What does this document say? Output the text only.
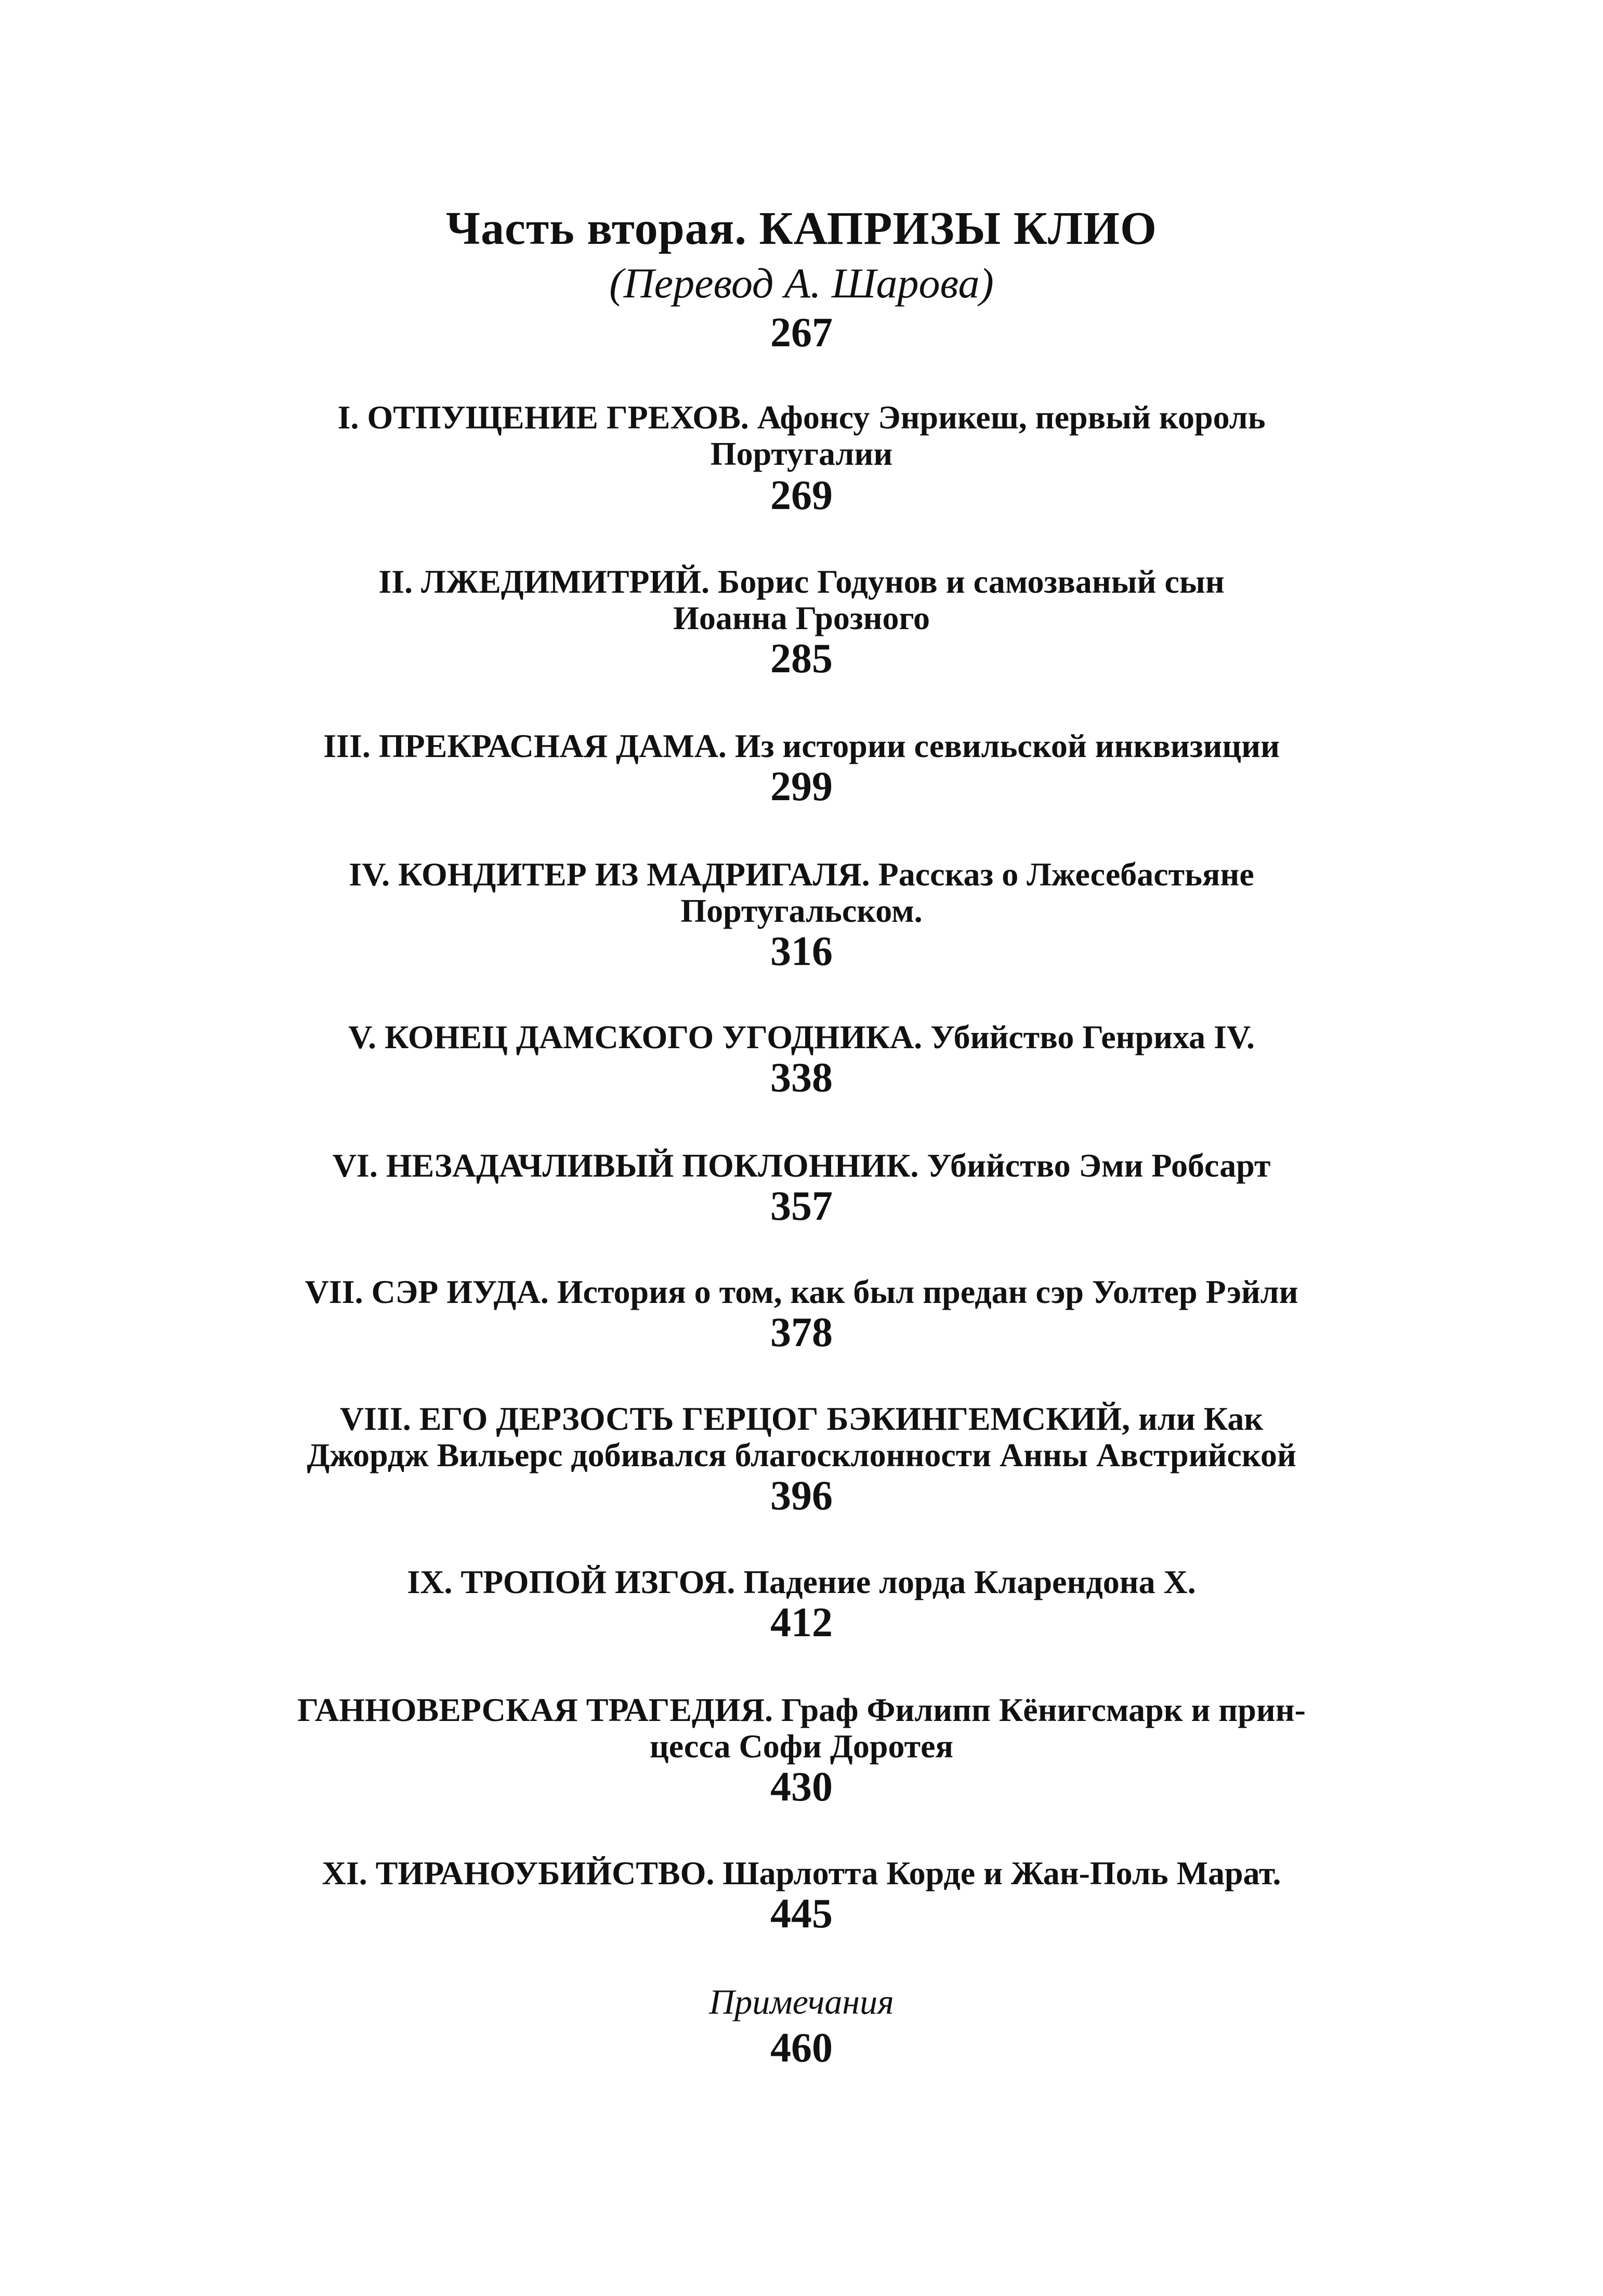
Часть вторая. КАПРИЗЫ КЛИО
(Перевод А. Шарова)
267
I. ОТПУЩЕНИЕ ГРЕХОВ. Афонсу Энрикеш, первый король
Португалии
269
II. ЛЖЕДИМИТРИЙ. Борис Годунов и самозваный сын
Иоанна Грозного
285
III. ПРЕКРАСНАЯ ДАМА. Из истории севильской инквизиции
299
IV. КОНДИТЕР ИЗ МАДРИГАЛЯ. Рассказ о Лжесебастьяне
Португальском.
316
V. КОНЕЦ ДАМСКОГО УГОДНИКА. Убийство Генриха IV.
338
VI. НЕЗАДАЧЛИВЫЙ ПОКЛОННИК. Убийство Эми Робсарт
357
VII. СЭР ИУДА. История о том, как был предан сэр Уолтер Рэйли
378
VIII. ЕГО ДЕРЗОСТЬ ГЕРЦОГ БЭКИНГЕМСКИЙ, или Как
Джордж Вильерс добивался благосклонности Анны Австрийской
396
IX. ТРОПОЙ ИЗГОЯ. Падение лорда Кларендона X.
412
ГАННОВЕРСКАЯ ТРАГЕДИЯ. Граф Филипп Кёнигсмарк и прин-
цесса Софи Доротея
430
XI. ТИРАНОУБИЙСТВО. Шарлотта Корде и Жан-Поль Марат.
445
Примечания
460
